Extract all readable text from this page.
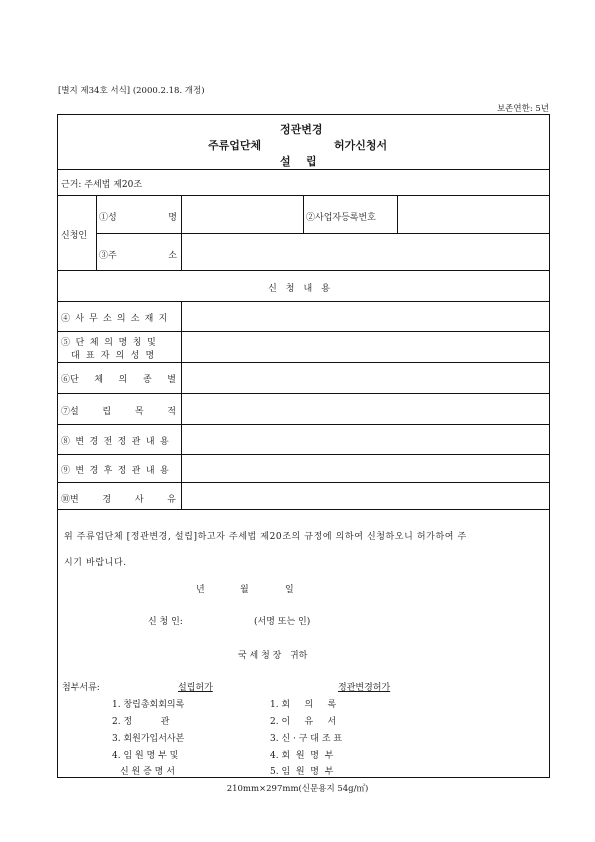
[별지 제34호 서식] (2000.2.18. 개정)
보존연한: 5년
정관변경
주류업단체	허가신청서
설    립
근거: 주세법 제20조
신청인
①성	명	②사업자등록번호
③주	소
신청내용
④사무소의소재지
⑤단체의명칭및
대표자의성명
⑥단 체 의 종 별
⑦설	립	목	적
⑧변경전정관내용
⑨변경후정관내용
⑩변	경	사	유
위 주류업단체 [정관변경, 설립]하고자 주세법 제20조의 규정에 의하여 신청하오니 허가하여 주
시기 바랍니다.
년	월	일
신 청 인:	(서명 또는 인)
국 세 청 장   귀하
첨부서류:	설립허가	정관변경허가
1. 창립총회회의록
2. 정          관
3. 회원가입서사본
4. 임 원 명 부 및
신 원 증 명 서
1. 회     의     록
2. 이     유     서
3. 신 · 구 대 조 표
4. 회  원  명  부
5. 임  원  명  부
210mm×297mm(신문용지 54g/㎡)
